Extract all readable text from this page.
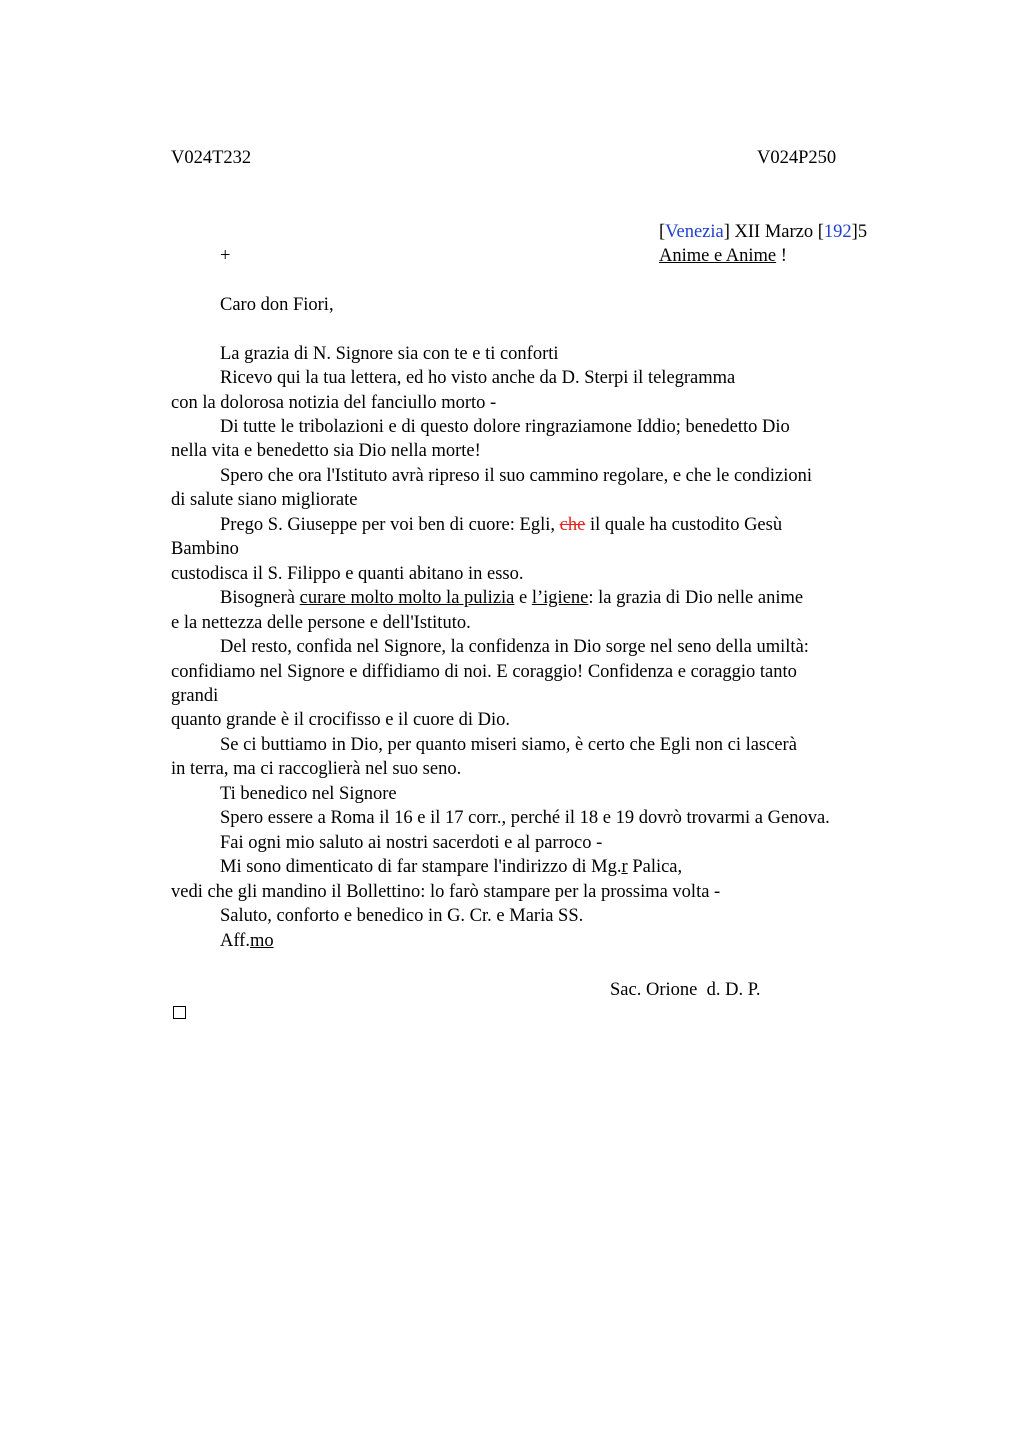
V024T232	V024P250
[Venezia] XII Marzo [192]5
+	Anime e Anime !
Caro don Fiori,
La grazia di N. Signore sia con te e ti conforti
Ricevo qui la tua lettera, ed ho visto anche da D. Sterpi il telegramma
con la dolorosa notizia del fanciullo morto -
Di tutte le tribolazioni e di questo dolore ringraziamone Iddio; benedetto Dio
nella vita e benedetto sia Dio nella morte!
Spero che ora l'Istituto avrà ripreso il suo cammino regolare, e che le condizioni
di salute siano migliorate
Prego S. Giuseppe per voi ben di cuore: Egli, che il quale ha custodito Gesù
Bambino
custodisca il S. Filippo e quanti abitano in esso.
Bisognerà curare molto molto la pulizia e l’igiene: la grazia di Dio nelle anime
e la nettezza delle persone e dell'Istituto.
Del resto, confida nel Signore, la confidenza in Dio sorge nel seno della umiltà:
confidiamo nel Signore e diffidiamo di noi. E coraggio! Confidenza e coraggio tanto
grandi
quanto grande è il crocifisso e il cuore di Dio.
Se ci buttiamo in Dio, per quanto miseri siamo, è certo che Egli non ci lascerà
in terra, ma ci raccoglierà nel suo seno.
Ti benedico nel Signore
Spero essere a Roma il 16 e il 17 corr., perché il 18 e 19 dovrò trovarmi a Genova.
Fai ogni mio saluto ai nostri sacerdoti e al parroco -
Mi sono dimenticato di far stampare l'indirizzo di Mg.r Palica,
vedi che gli mandino il Bollettino: lo farò stampare per la prossima volta -
Saluto, conforto e benedico in G. Cr. e Maria SS.
Aff.mo
Sac. Orione  d. D. P.
